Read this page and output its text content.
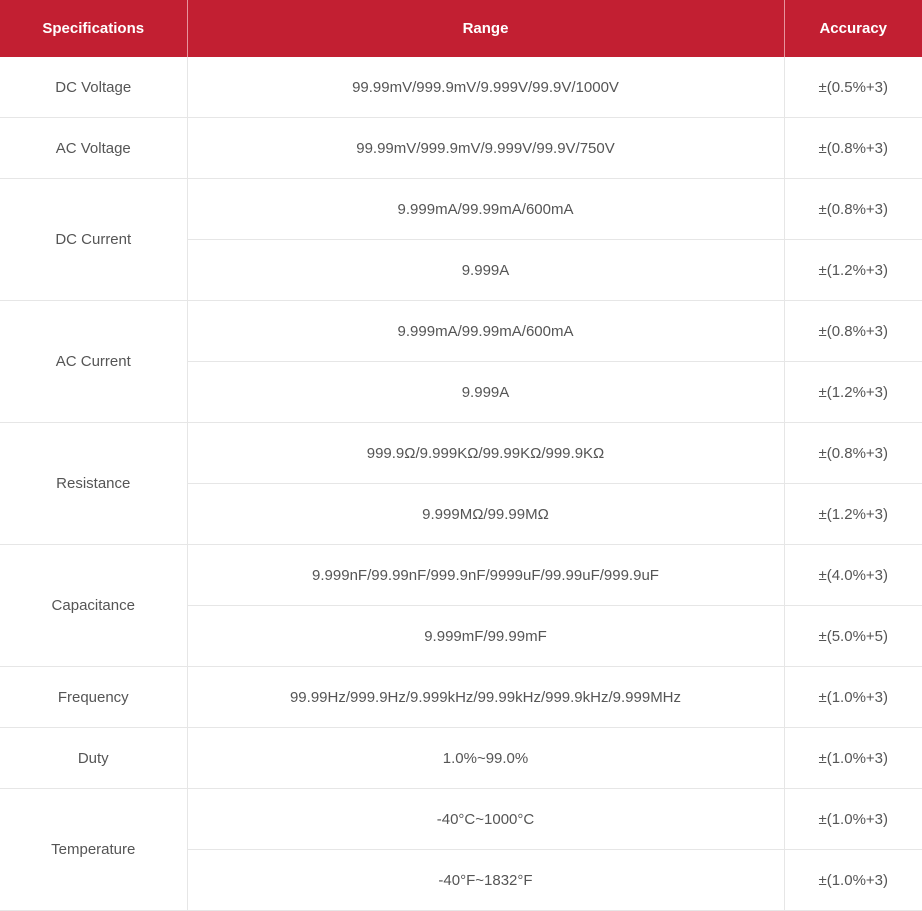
Specifications	Range	Accuracy
DC Voltage	99.99mV/999.9mV/9.999V/99.9V/1000V	±(0.5%+3)
AC Voltage	99.99mV/999.9mV/9.999V/99.9V/750V	±(0.8%+3)
DC Current	9.999mA/99.99mA/600mA	±(0.8%+3)
	9.999A	±(1.2%+3)
AC Current	9.999mA/99.99mA/600mA	±(0.8%+3)
	9.999A	±(1.2%+3)
Resistance	999.9Ω/9.999KΩ/99.99KΩ/999.9KΩ	±(0.8%+3)
	9.999MΩ/99.99MΩ	±(1.2%+3)
Capacitance	9.999nF/99.99nF/999.9nF/9999uF/99.99uF/999.9uF	±(4.0%+3)
	9.999mF/99.99mF	±(5.0%+5)
Frequency	99.99Hz/999.9Hz/9.999kHz/99.99kHz/999.9kHz/9.999MHz	±(1.0%+3)
Duty	1.0%~99.0%	±(1.0%+3)
Temperature	-40°C~1000°C	±(1.0%+3)
	-40°F~1832°F	±(1.0%+3)
